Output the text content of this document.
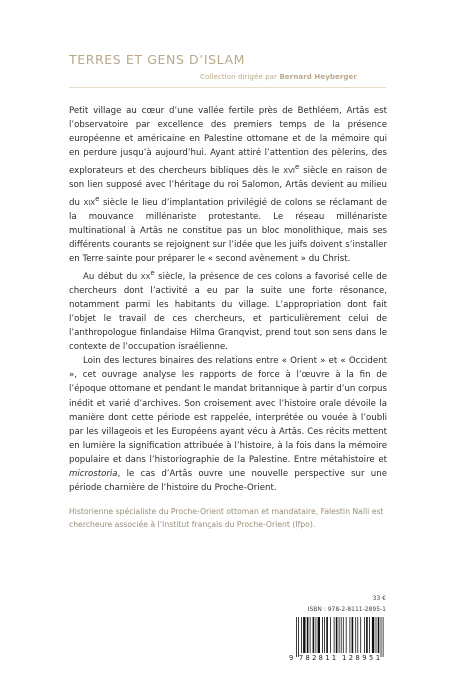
TERRES ET GENS D’ISLAM
Collection dirigée par Bernard Heyberger

Petit village au cœur d’une vallée fertile près de Bethléem, Artâs est l’observatoire par excellence des premiers temps de la présence européenne et américaine en Palestine ottomane et de la mémoire qui en perdure jusqu’à aujourd’hui. Ayant attiré l’attention des pèlerins, des explorateurs et des chercheurs bibliques dès le XVIe siècle en raison de son lien supposé avec l’héritage du roi Salomon, Artâs devient au milieu du XIXe siècle le lieu d’implantation privilégié de colons se réclamant de la mouvance millénariste protestante. Le réseau millénariste multinational à Artâs ne constitue pas un bloc monolithique, mais ses différents courants se rejoignent sur l’idée que les juifs doivent s’installer en Terre sainte pour préparer le « second avènement » du Christ.

Au début du XXe siècle, la présence de ces colons a favorisé celle de chercheurs dont l’activité a eu par la suite une forte résonance, notamment parmi les habitants du village. L’appropriation dont fait l’objet le travail de ces chercheurs, et particulièrement celui de l’anthropologue finlandaise Hilma Granqvist, prend tout son sens dans le contexte de l’occupation israélienne.

Loin des lectures binaires des relations entre « Orient » et « Occident », cet ouvrage analyse les rapports de force à l’œuvre à la fin de l’époque ottomane et pendant le mandat britannique à partir d’un corpus inédit et varié d’archives. Son croisement avec l’histoire orale dévoile la manière dont cette période est rappelée, interprétée ou vouée à l’oubli par les villageois et les Européens ayant vécu à Artâs. Ces récits mettent en lumière la signification attribuée à l’histoire, à la fois dans la mémoire populaire et dans l’historiographie de la Palestine. Entre métahistoire et microstoria, le cas d’Artâs ouvre une nouvelle perspective sur une période charnière de l’histoire du Proche-Orient.

Historienne spécialiste du Proche-Orient ottoman et mandataire, Falestin Naïli est chercheure associée à l’Institut français du Proche-Orient (Ifpo).
33 €
ISBN : 978-2-8111-2895-1
9 782811 128951
